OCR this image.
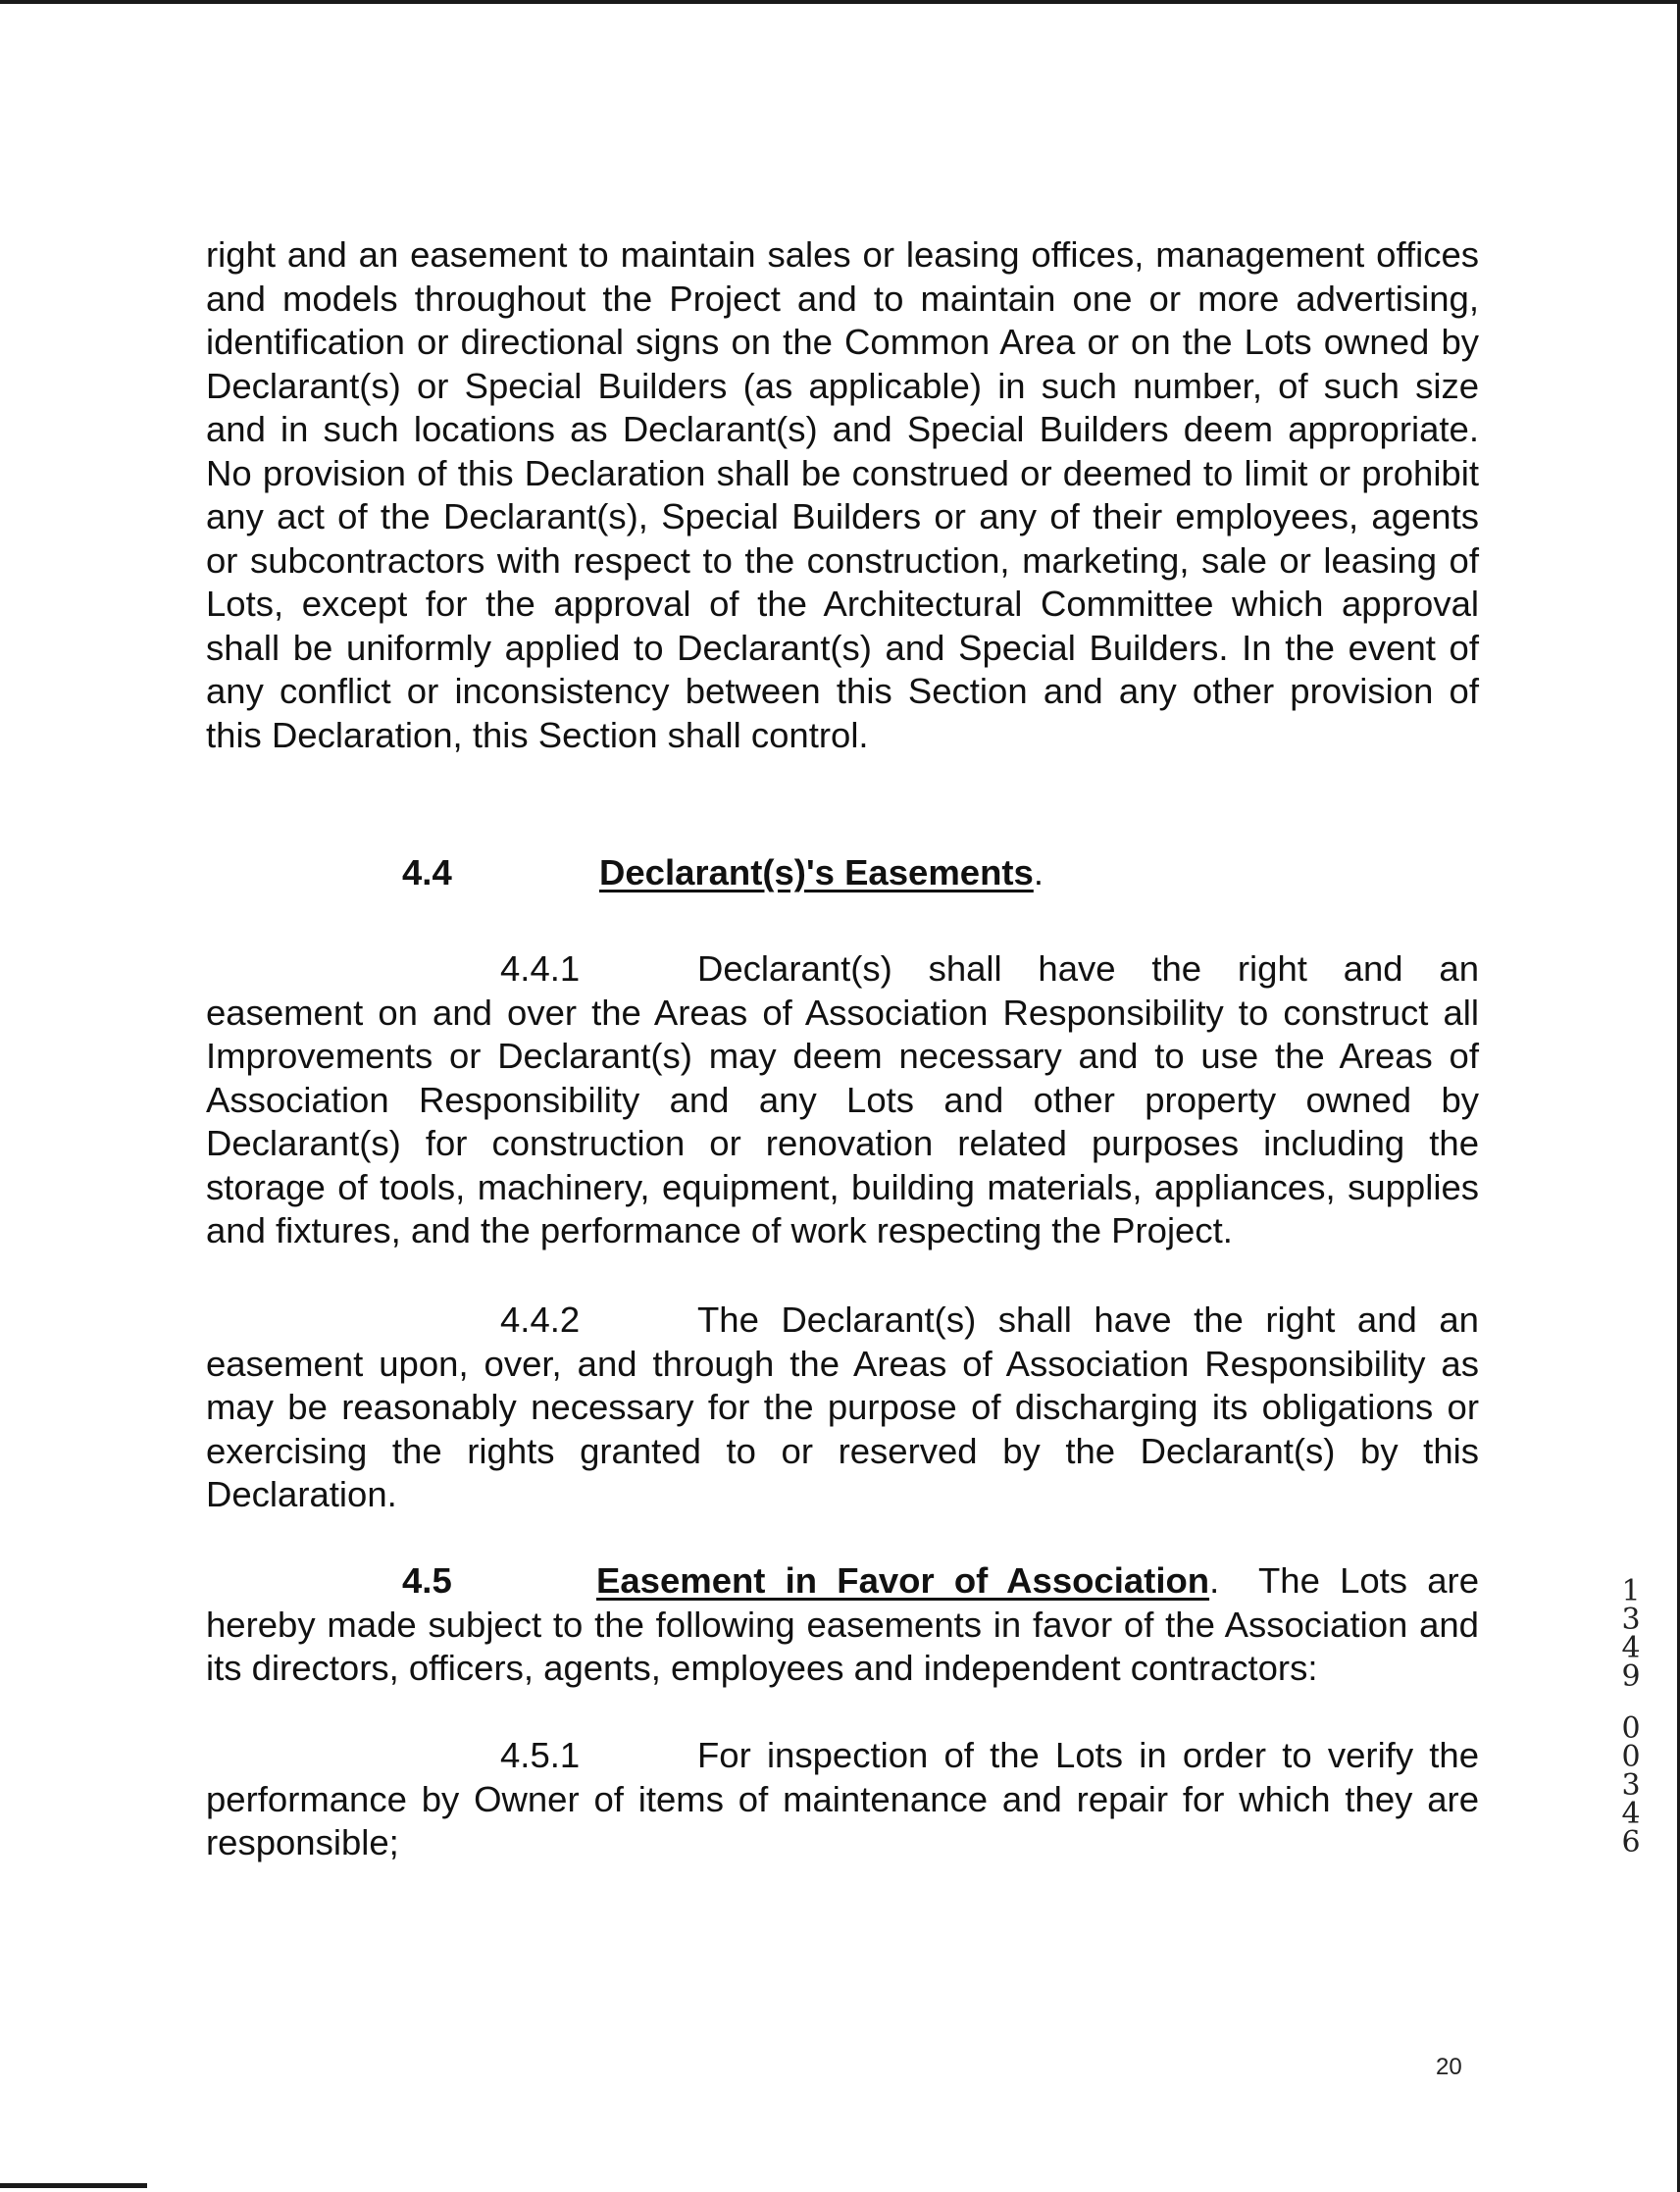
right and an easement to maintain sales or leasing offices, management offices and models throughout the Project and to maintain one or more advertising, identification or directional signs on the Common Area or on the Lots owned by Declarant(s) or Special Builders (as applicable) in such number, of such size and in such locations as Declarant(s) and Special Builders deem appropriate. No provision of this Declaration shall be construed or deemed to limit or prohibit any act of the Declarant(s), Special Builders or any of their employees, agents or subcontractors with respect to the construction, marketing, sale or leasing of Lots, except for the approval of the Architectural Committee which approval shall be uniformly applied to Declarant(s) and Special Builders. In the event of any conflict or inconsistency between this Section and any other provision of this Declaration, this Section shall control.

4.4	Declarant(s)'s Easements.

4.4.1	Declarant(s) shall have the right and an easement on and over the Areas of Association Responsibility to construct all Improvements or Declarant(s) may deem necessary and to use the Areas of Association Responsibility and any Lots and other property owned by Declarant(s) for construction or renovation related purposes including the storage of tools, machinery, equipment, building materials, appliances, supplies and fixtures, and the performance of work respecting the Project.

4.4.2	The Declarant(s) shall have the right and an easement upon, over, and through the Areas of Association Responsibility as may be reasonably necessary for the purpose of discharging its obligations or exercising the rights granted to or reserved by the Declarant(s) by this Declaration.

4.5	Easement in Favor of Association. The Lots are hereby made subject to the following easements in favor of the Association and its directors, officers, agents, employees and independent contractors:

4.5.1	For inspection of the Lots in order to verify the performance by Owner of items of maintenance and repair for which they are responsible;

1
3
4
9
0
0
3
4
6
20
